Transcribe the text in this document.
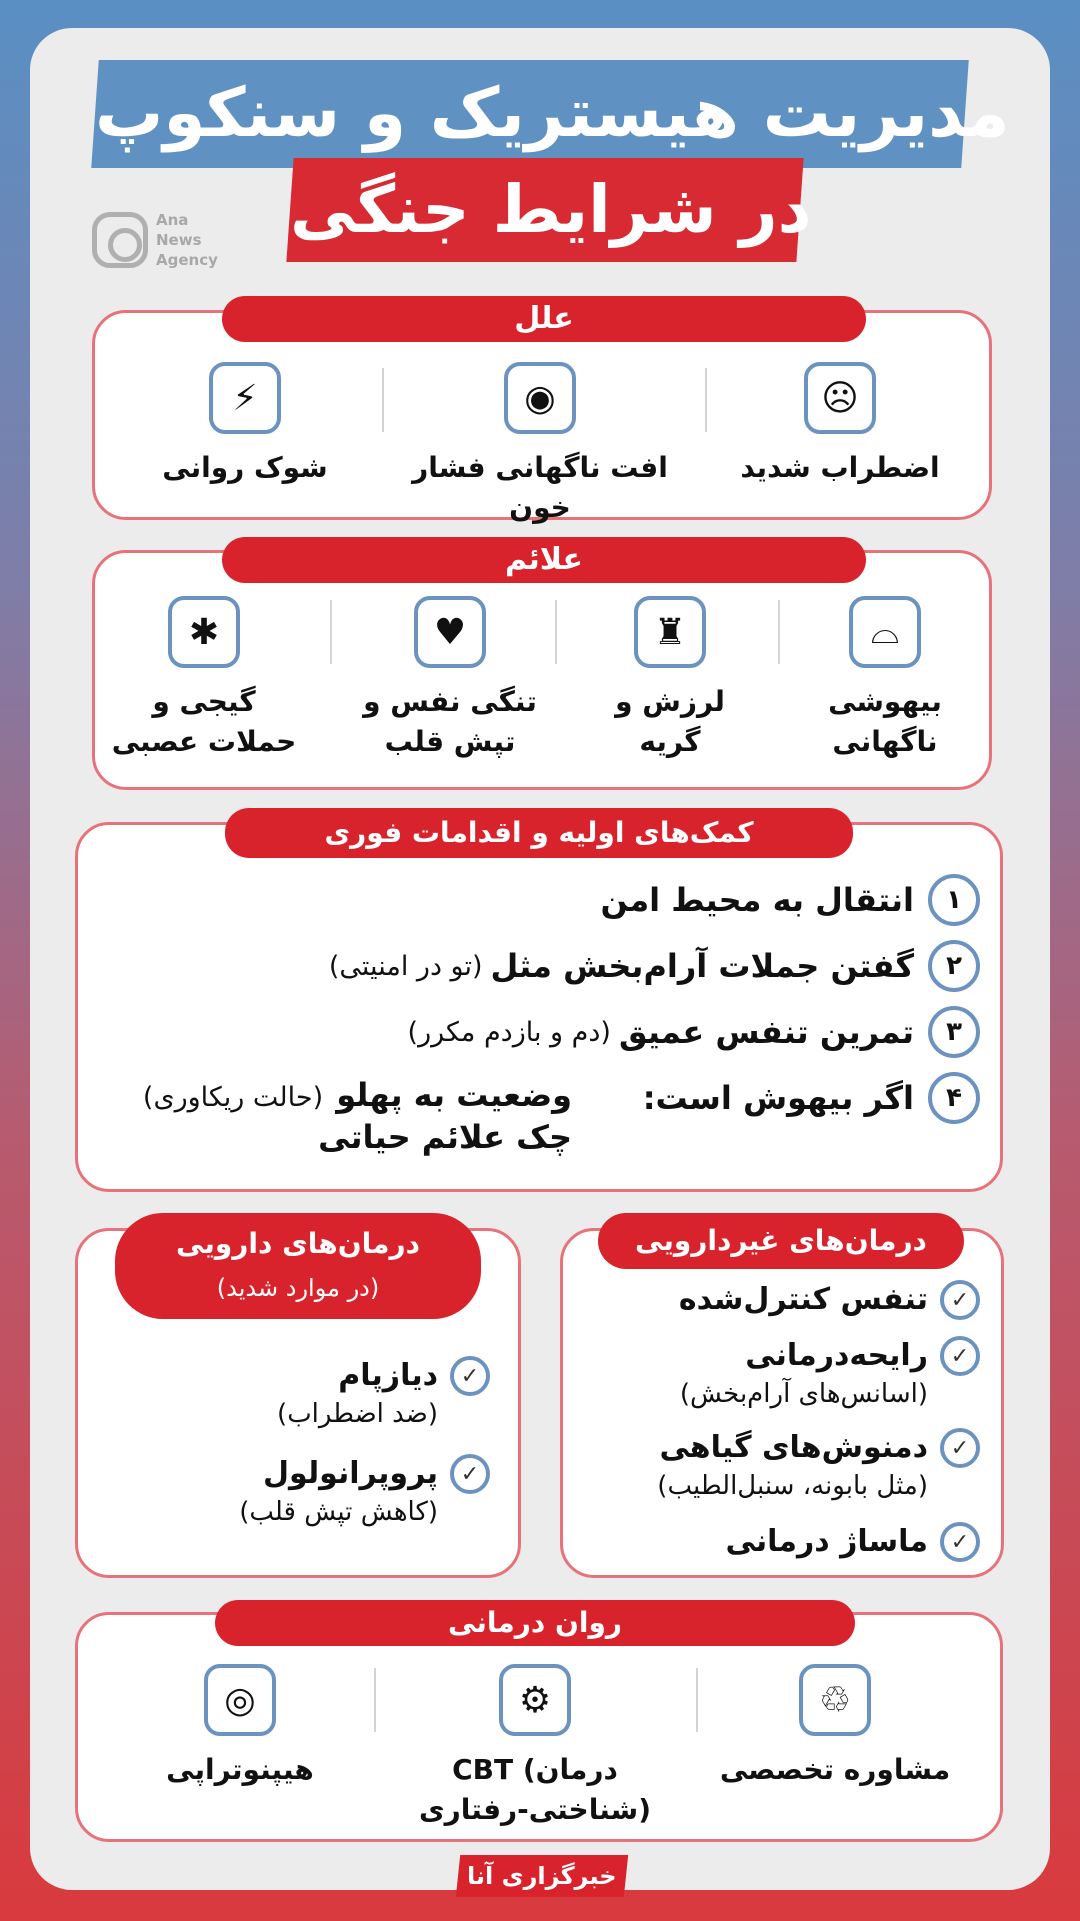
مدیریت هیستریک و سنکوپ
در شرایط جنگی
Ana
News
Agency
علل
☹
اضطراب شدید
◉
افت ناگهانی فشار خون
⚡
شوک روانی
علائم
⌓
بیهوشی
ناگهانی
♜
لرزش و
گریه
♥
تنگی نفس و
تپش قلب
✱
گیجی و
حملات عصبی
کمک‌های اولیه و اقدامات فوری
۱
انتقال به محیط امن
۲
گفتن جملات آرام‌بخش مثل
(تو در امنیتی)
۳
تمرین تنفس عمیق
(دم و بازدم مکرر)
۴
اگر بیهوش است:
وضعیت به پهلو (حالت ریکاوری)
چک علائم حیاتی
درمان‌های غیردارویی
✓
تنفس کنترل‌شده
✓
رایحه‌درمانی
(اسانس‌های آرام‌بخش)
✓
دمنوش‌های گیاهی
(مثل بابونه، سنبل‌الطیب)
✓
ماساژ درمانی
درمان‌های دارویی
(در موارد شدید)
✓
دیازپام
(ضد اضطراب)
✓
پروپرانولول
(کاهش تپش قلب)
روان درمانی
♲
مشاوره تخصصی
⚙
CBT (درمان
شناختی-رفتاری)
◎
هیپنوتراپی
خبرگزاری آنا
